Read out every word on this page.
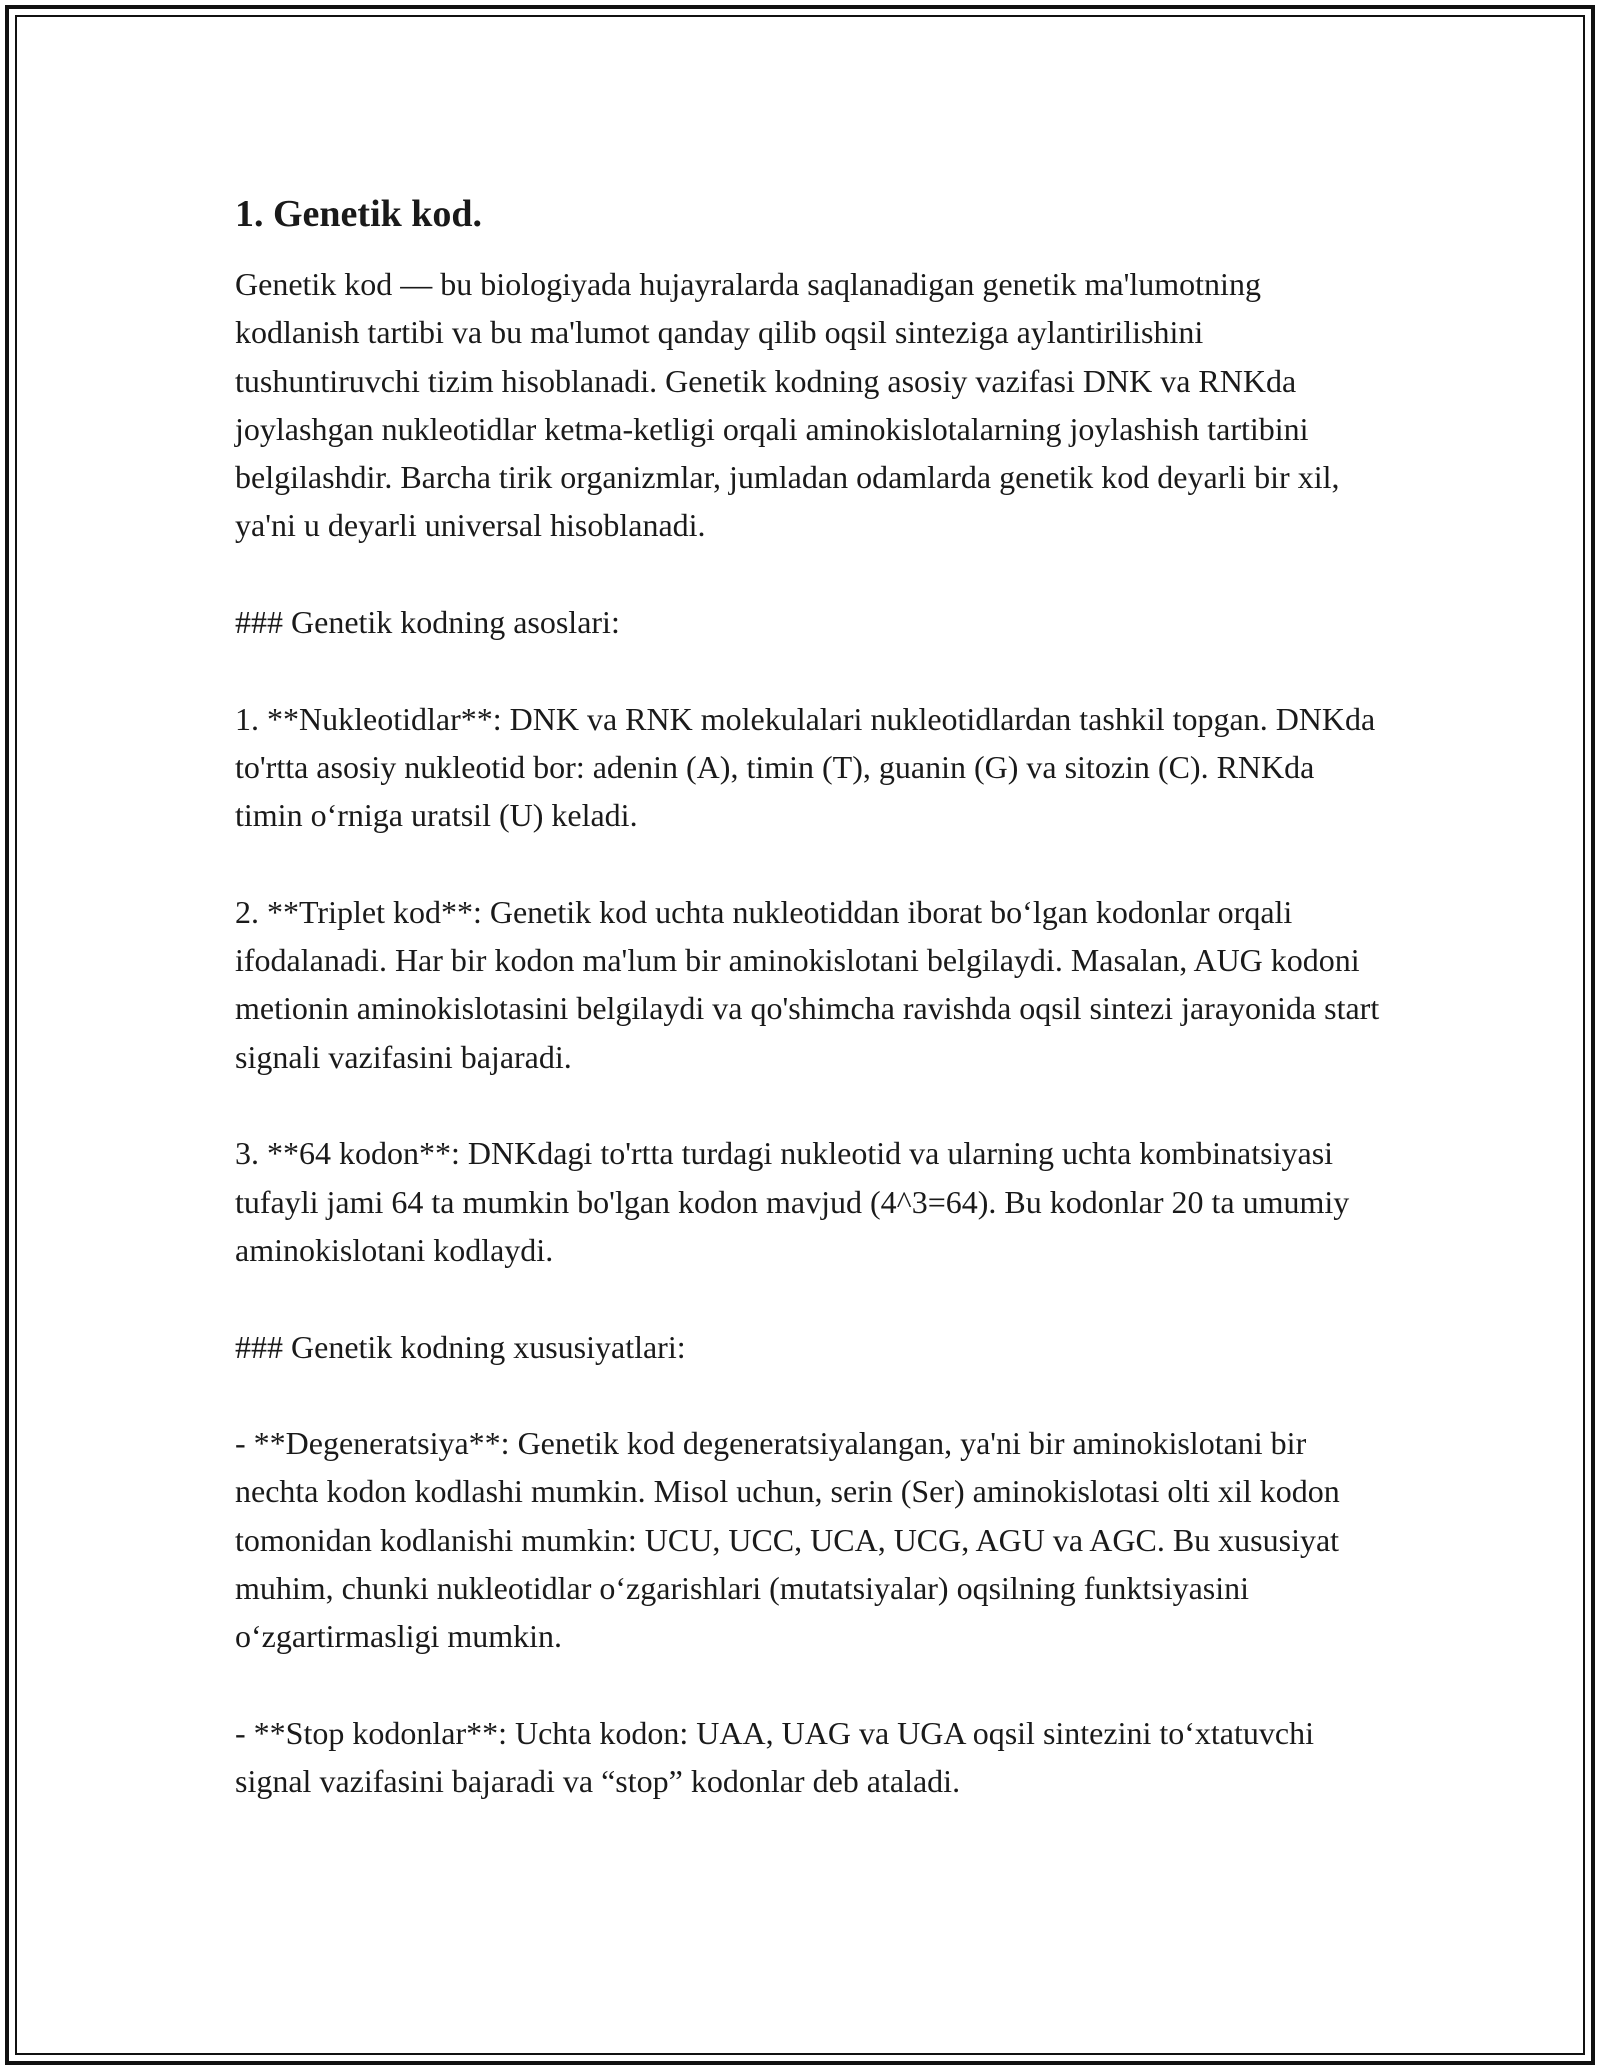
1. Genetik kod.

Genetik kod — bu biologiyada hujayralarda saqlanadigan genetik ma'lumotning kodlanish tartibi va bu ma'lumot qanday qilib oqsil sinteziga aylantirilishini tushuntiruvchi tizim hisoblanadi. Genetik kodning asosiy vazifasi DNK va RNKda joylashgan nukleotidlar ketma-ketligi orqali aminokislotalarning joylashish tartibini belgilashdir. Barcha tirik organizmlar, jumladan odamlarda genetik kod deyarli bir xil, ya'ni u deyarli universal hisoblanadi.

### Genetik kodning asoslari:

1. **Nukleotidlar**: DNK va RNK molekulalari nukleotidlardan tashkil topgan. DNKda to'rtta asosiy nukleotid bor: adenin (A), timin (T), guanin (G) va sitozin (C). RNKda timin o‘rniga uratsil (U) keladi.

2. **Triplet kod**: Genetik kod uchta nukleotiddan iborat bo‘lgan kodonlar orqali ifodalanadi. Har bir kodon ma'lum bir aminokislotani belgilaydi. Masalan, AUG kodoni metionin aminokislotasini belgilaydi va qo'shimcha ravishda oqsil sintezi jarayonida start signali vazifasini bajaradi.

3. **64 kodon**: DNKdagi to'rtta turdagi nukleotid va ularning uchta kombinatsiyasi tufayli jami 64 ta mumkin bo'lgan kodon mavjud (4^3=64). Bu kodonlar 20 ta umumiy aminokislotani kodlaydi.

### Genetik kodning xususiyatlari:

- **Degeneratsiya**: Genetik kod degeneratsiyalangan, ya'ni bir aminokislotani bir nechta kodon kodlashi mumkin. Misol uchun, serin (Ser) aminokislotasi olti xil kodon tomonidan kodlanishi mumkin: UCU, UCC, UCA, UCG, AGU va AGC. Bu xususiyat muhim, chunki nukleotidlar o‘zgarishlari (mutatsiyalar) oqsilning funktsiyasini o‘zgartirmasligi mumkin.

- **Stop kodonlar**: Uchta kodon: UAA, UAG va UGA oqsil sintezini to‘xtatuvchi signal vazifasini bajaradi va “stop” kodonlar deb ataladi.
